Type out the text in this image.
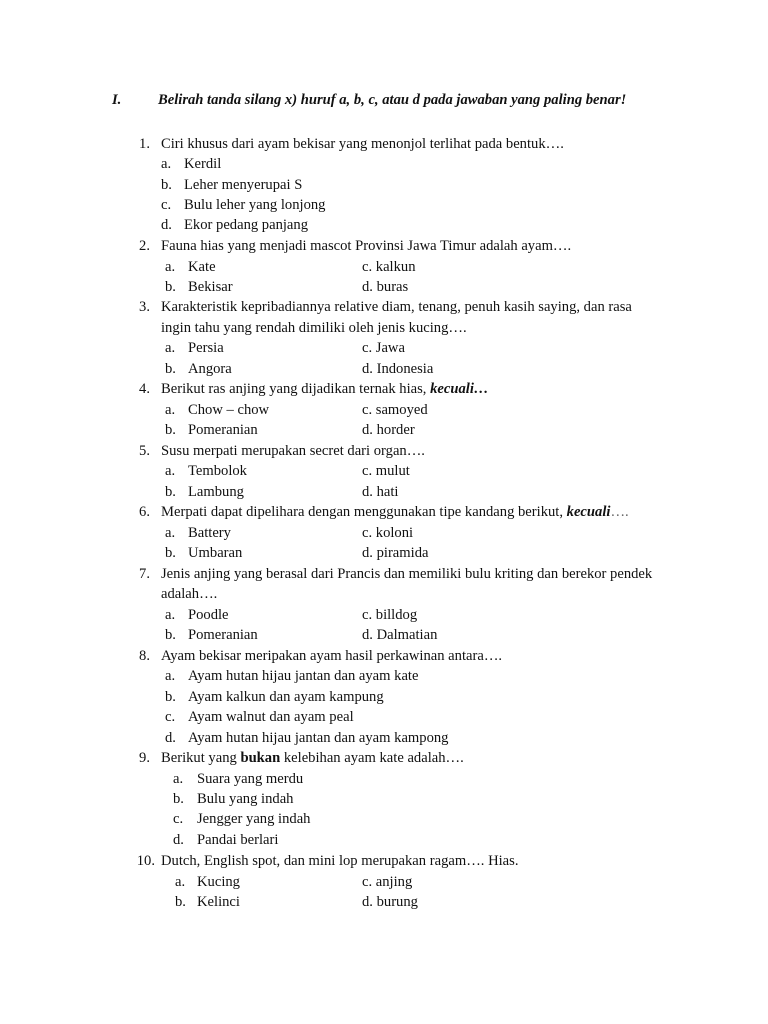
I.	Belirah tanda silang x) huruf a, b, c, atau d pada jawaban yang paling benar!
1. Ciri khusus dari ayam bekisar yang menonjol terlihat pada bentuk….
a. Kerdil
b. Leher menyerupai S
c. Bulu leher yang lonjong
d. Ekor pedang panjang
2. Fauna hias yang menjadi mascot Provinsi Jawa Timur adalah ayam….
a. Kate	c. kalkun
b. Bekisar	d. buras
3. Karakteristik kepribadiannya relative diam, tenang, penuh kasih saying, dan rasa
ingin tahu yang rendah dimiliki oleh jenis kucing….
a. Persia	c. Jawa
b. Angora	d. Indonesia
4. Berikut ras anjing yang dijadikan ternak hias, kecuali…
a. Chow – chow	c. samoyed
b. Pomeranian	d. horder
5. Susu merpati merupakan secret dari organ….
a. Tembolok	c. mulut
b. Lambung	d. hati
6. Merpati dapat dipelihara dengan menggunakan tipe kandang berikut, kecuali….
a. Battery	c. koloni
b. Umbaran	d. piramida
7. Jenis anjing yang berasal dari Prancis dan memiliki bulu kriting dan berekor pendek
adalah….
a. Poodle	c. billdog
b. Pomeranian	d. Dalmatian
8. Ayam bekisar meripakan ayam hasil perkawinan antara….
a. Ayam hutan hijau jantan dan ayam kate
b. Ayam kalkun dan ayam kampung
c. Ayam walnut dan ayam peal
d. Ayam hutan hijau jantan dan ayam kampong
9. Berikut yang bukan kelebihan ayam kate adalah….
a. Suara yang merdu
b. Bulu yang indah
c. Jengger yang indah
d. Pandai berlari
10. Dutch, English spot, dan mini lop merupakan ragam…. Hias.
a. Kucing	c. anjing
b. Kelinci	d. burung
